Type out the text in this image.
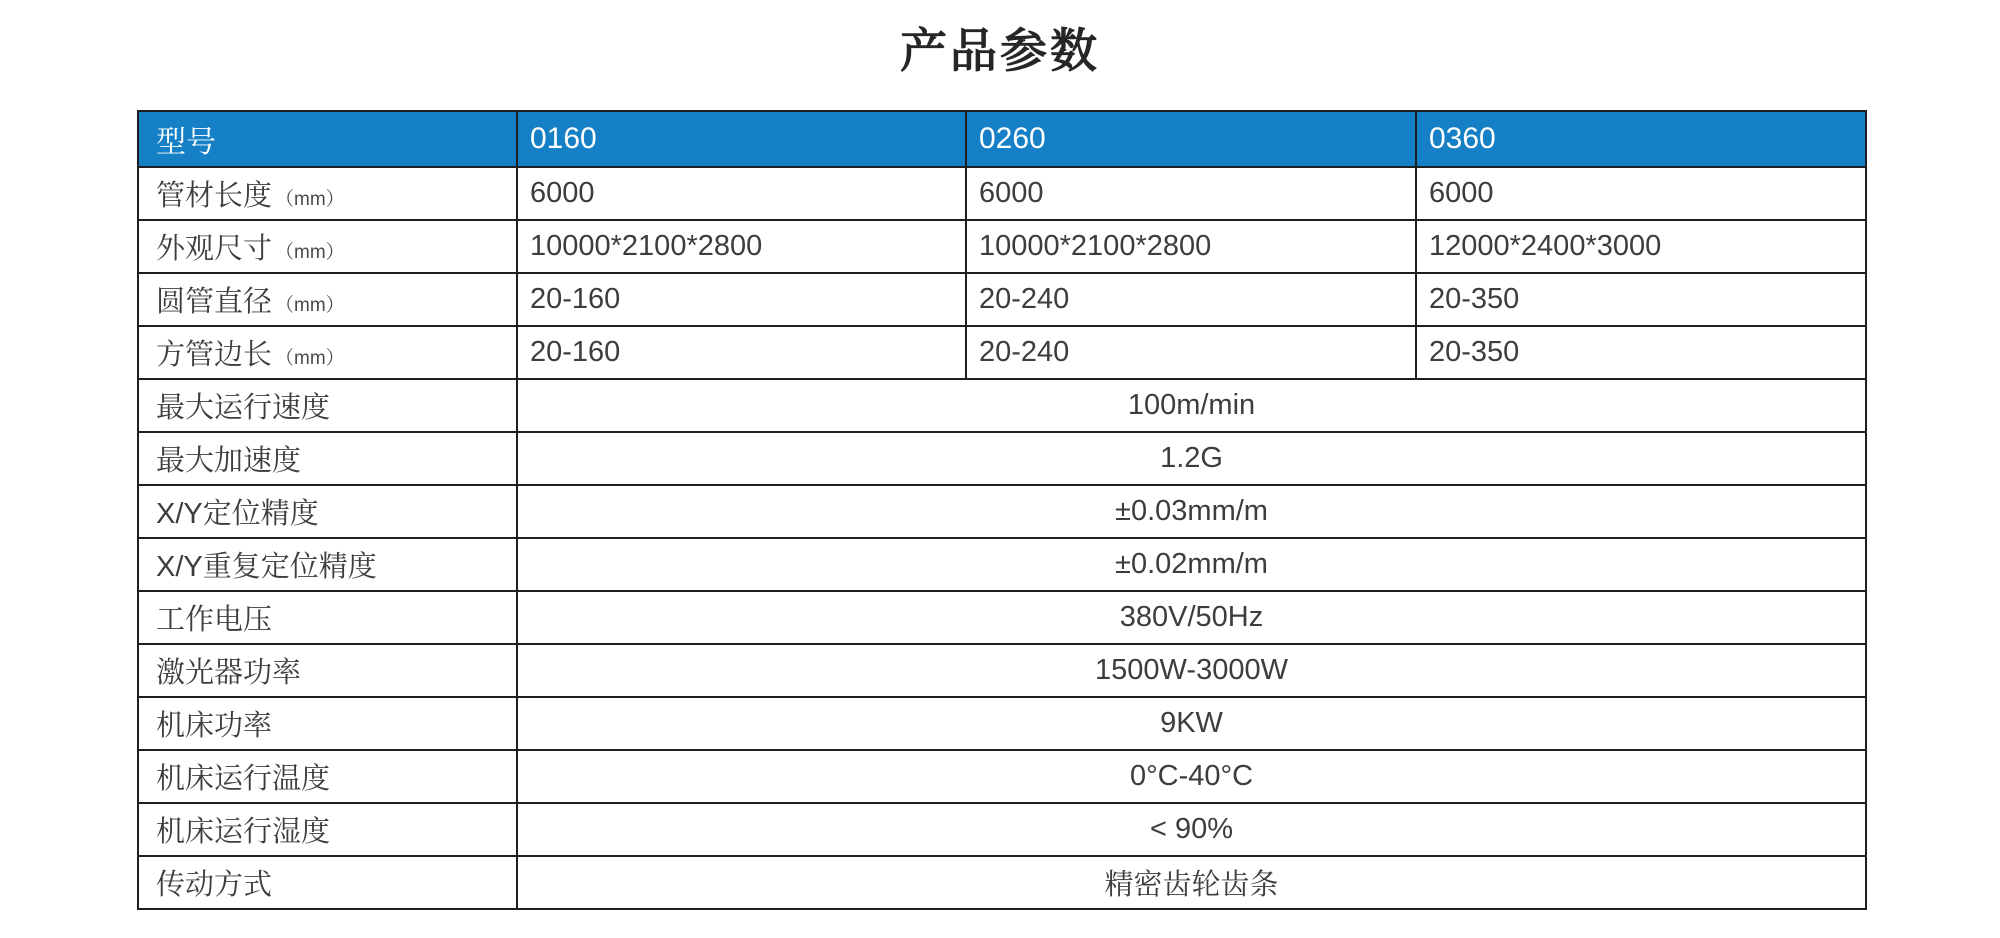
产品参数
型号	0160	0260	0360
管材长度 （mm）	6000	6000	6000
外观尺寸 （mm）	10000*2100*2800	10000*2100*2800	12000*2400*3000
圆管直径 （mm）	20-160	20-240	20-350
方管边长 （mm）	20-160	20-240	20-350
最大运行速度	100m/min		
最大加速度	1.2G		
X/Y定位精度	±0.03mm/m		
X/Y重复定位精度	±0.02mm/m		
工作电压	380V/50Hz		
激光器功率	1500W-3000W		
机床功率	9KW		
机床运行温度	0°C-40°C		
机床运行湿度	< 90%		
传动方式	精密齿轮齿条		
